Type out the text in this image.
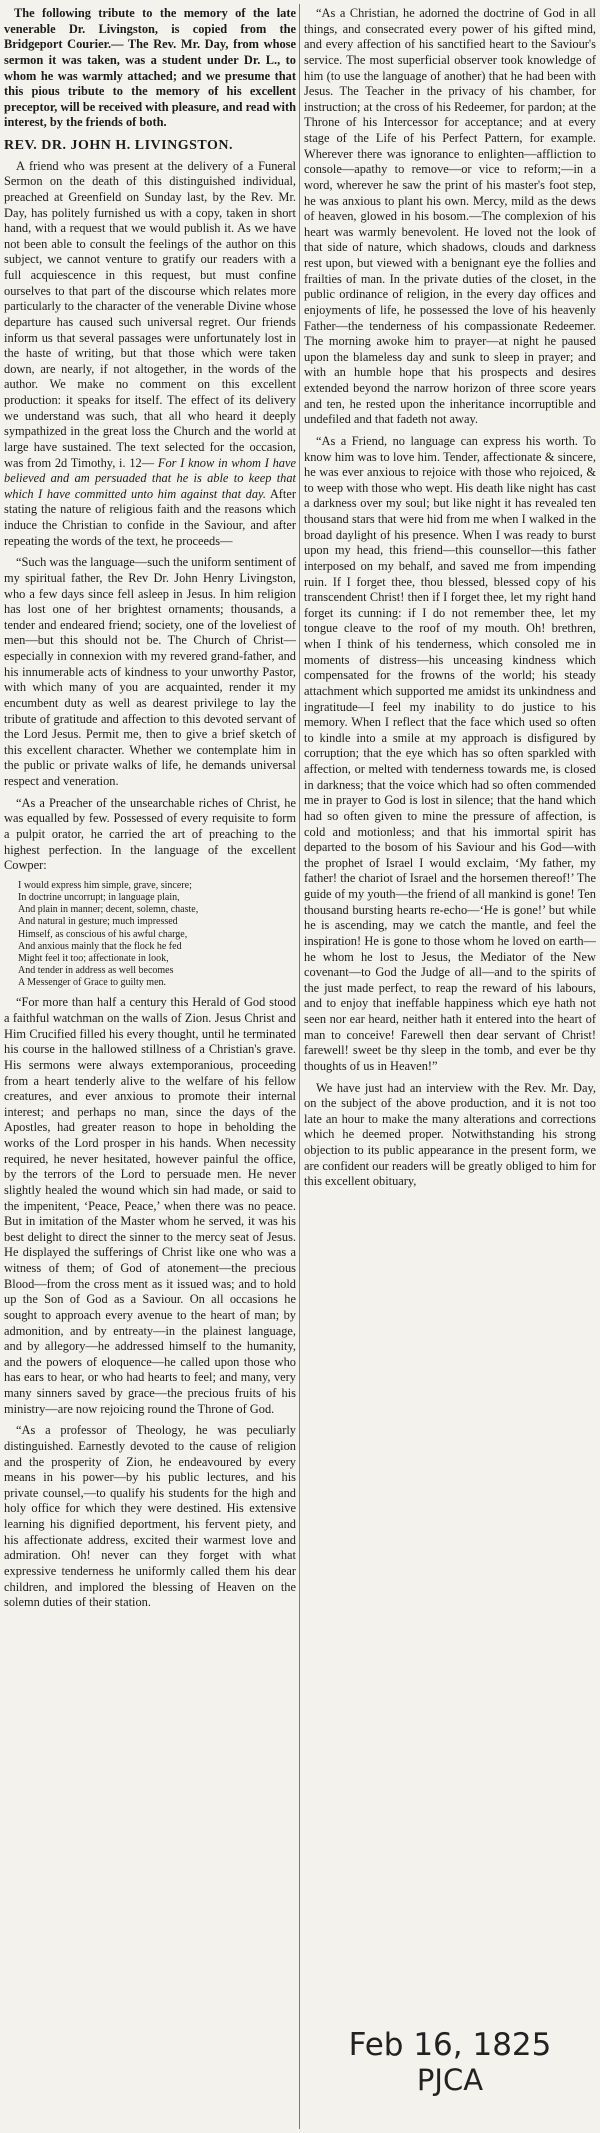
The following tribute to the memory of the late venerable Dr. Livingston, is copied from the Bridgeport Courier.— The Rev. Mr. Day, from whose sermon it was taken, was a student under Dr. L., to whom he was warmly attached; and we presume that this pious tribute to the memory of his excellent preceptor, will be received with pleasure, and read with interest, by the friends of both.

REV. DR. JOHN H. LIVINGSTON.

A friend who was present at the delivery of a Funeral Sermon on the death of this distinguished individual, preached at Greenfield on Sunday last, by the Rev. Mr. Day, has politely furnished us with a copy, taken in short hand, with a request that we would publish it. As we have not been able to consult the feelings of the author on this subject, we cannot venture to gratify our readers with a full acquiescence in this request, but must confine ourselves to that part of the discourse which relates more particularly to the character of the venerable Divine whose departure has caused such universal regret. Our friends inform us that several passages were unfortunately lost in the haste of writing, but that those which were taken down, are nearly, if not altogether, in the words of the author. We make no comment on this excellent production: it speaks for itself. The effect of its delivery we understand was such, that all who heard it deeply sympathized in the great loss the Church and the world at large have sustained. The text selected for the occasion, was from 2d Timothy, i. 12— For I know in whom I have believed and am persuaded that he is able to keep that which I have committed unto him against that day. After stating the nature of religious faith and the reasons which induce the Christian to confide in the Saviour, and after repeating the words of the text, he proceeds—

“Such was the language—such the uniform sentiment of my spiritual father, the Rev Dr. John Henry Livingston, who a few days since fell asleep in Jesus. In him religion has lost one of her brightest ornaments; thousands, a tender and endeared friend; society, one of the loveliest of men—but this should not be. The Church of Christ—especially in connexion with my revered grand-father, and his innumerable acts of kindness to your unworthy Pastor, with which many of you are acquainted, render it my encumbent duty as well as dearest privilege to lay the tribute of gratitude and affection to this devoted servant of the Lord Jesus. Permit me, then to give a brief sketch of this excellent character. Whether we contemplate him in the public or private walks of life, he demands universal respect and veneration.

“As a Preacher of the unsearchable riches of Christ, he was equalled by few. Possessed of every requisite to form a pulpit orator, he carried the art of preaching to the highest perfection. In the language of the excellent Cowper:

I would express him simple, grave, sincere;
In doctrine uncorrupt; in language plain,
And plain in manner; decent, solemn, chaste,
And natural in gesture; much impressed
Himself, as conscious of his awful charge,
And anxious mainly that the flock he fed
Might feel it too; affectionate in look,
And tender in address as well becomes
A Messenger of Grace to guilty men.

“For more than half a century this Herald of God stood a faithful watchman on the walls of Zion. Jesus Christ and Him Crucified filled his every thought, until he terminated his course in the hallowed stillness of a Christian's grave. His sermons were always extemporanious, proceeding from a heart tenderly alive to the welfare of his fellow creatures, and ever anxious to promote their internal interest; and perhaps no man, since the days of the Apostles, had greater reason to hope in beholding the works of the Lord prosper in his hands. When necessity required, he never hesitated, however painful the office, by the terrors of the Lord to persuade men. He never slightly healed the wound which sin had made, or said to the impenitent, ‘Peace, Peace,’ when there was no peace. But in imitation of the Master whom he served, it was his best delight to direct the sinner to the mercy seat of Jesus. He displayed the sufferings of Christ like one who was a witness of them; of God of atonement—the precious Blood—from the cross ment as it issued was; and to hold up the Son of God as a Saviour. On all occasions he sought to approach every avenue to the heart of man; by admonition, and by entreaty—in the plainest language, and by allegory—he addressed himself to the humanity, and the powers of eloquence—he called upon those who has ears to hear, or who had hearts to feel; and many, very many sinners saved by grace—the precious fruits of his ministry—are now rejoicing round the Throne of God.

“As a professor of Theology, he was peculiarly distinguished. Earnestly devoted to the cause of religion and the prosperity of Zion, he endeavoured by every means in his power—by his public lectures, and his private counsel,—to qualify his students for the high and holy office for which they were destined. His extensive learning his dignified deportment, his fervent piety, and his affectionate address, excited their warmest love and admiration. Oh! never can they forget with what expressive tenderness he uniformly called them his dear children, and implored the blessing of Heaven on the solemn duties of their station.

“As a Christian, he adorned the doctrine of God in all things, and consecrated every power of his gifted mind, and every affection of his sanctified heart to the Saviour's service. The most superficial observer took knowledge of him (to use the language of another) that he had been with Jesus. The Teacher in the privacy of his chamber, for instruction; at the cross of his Redeemer, for pardon; at the Throne of his Intercessor for acceptance; and at every stage of the Life of his Perfect Pattern, for example. Wherever there was ignorance to enlighten—affliction to console—apathy to remove—or vice to reform;—in a word, wherever he saw the print of his master's foot step, he was anxious to plant his own. Mercy, mild as the dews of heaven, glowed in his bosom.—The complexion of his heart was warmly benevolent. He loved not the look of that side of nature, which shadows, clouds and darkness rest upon, but viewed with a benignant eye the follies and frailties of man. In the private duties of the closet, in the public ordinance of religion, in the every day offices and enjoyments of life, he possessed the love of his heavenly Father—the tenderness of his compassionate Redeemer. The morning awoke him to prayer—at night he paused upon the blameless day and sunk to sleep in prayer; and with an humble hope that his prospects and desires extended beyond the narrow horizon of three score years and ten, he rested upon the inheritance incorruptible and undefiled and that fadeth not away.

“As a Friend, no language can express his worth. To know him was to love him. Tender, affectionate & sincere, he was ever anxious to rejoice with those who rejoiced, & to weep with those who wept. His death like night has cast a darkness over my soul; but like night it has revealed ten thousand stars that were hid from me when I walked in the broad daylight of his presence. When I was ready to burst upon my head, this friend—this counsellor—this father interposed on my behalf, and saved me from impending ruin. If I forget thee, thou blessed, blessed copy of his transcendent Christ! then if I forget thee, let my right hand forget its cunning: if I do not remember thee, let my tongue cleave to the roof of my mouth. Oh! brethren, when I think of his tenderness, which consoled me in moments of distress—his unceasing kindness which compensated for the frowns of the world; his steady attachment which supported me amidst its unkindness and ingratitude—I feel my inability to do justice to his memory. When I reflect that the face which used so often to kindle into a smile at my approach is disfigured by corruption; that the eye which has so often sparkled with affection, or melted with tenderness towards me, is closed in darkness; that the voice which had so often commended me in prayer to God is lost in silence; that the hand which had so often given to mine the pressure of affection, is cold and motionless; and that his immortal spirit has departed to the bosom of his Saviour and his God—with the prophet of Israel I would exclaim, ‘My father, my father! the chariot of Israel and the horsemen thereof!’ The guide of my youth—the friend of all mankind is gone! Ten thousand bursting hearts re-echo—‘He is gone!’ but while he is ascending, may we catch the mantle, and feel the inspiration! He is gone to those whom he loved on earth—he whom he lost to Jesus, the Mediator of the New covenant—to God the Judge of all—and to the spirits of the just made perfect, to reap the reward of his labours, and to enjoy that ineffable happiness which eye hath not seen nor ear heard, neither hath it entered into the heart of man to conceive! Farewell then dear servant of Christ! farewell! sweet be thy sleep in the tomb, and ever be thy thoughts of us in Heaven!”

We have just had an interview with the Rev. Mr. Day, on the subject of the above production, and it is not too late an hour to make the many alterations and corrections which he deemed proper. Notwithstanding his strong objection to its public appearance in the present form, we are confident our readers will be greatly obliged to him for this excellent obituary,

Feb 16, 1825
PJCA
